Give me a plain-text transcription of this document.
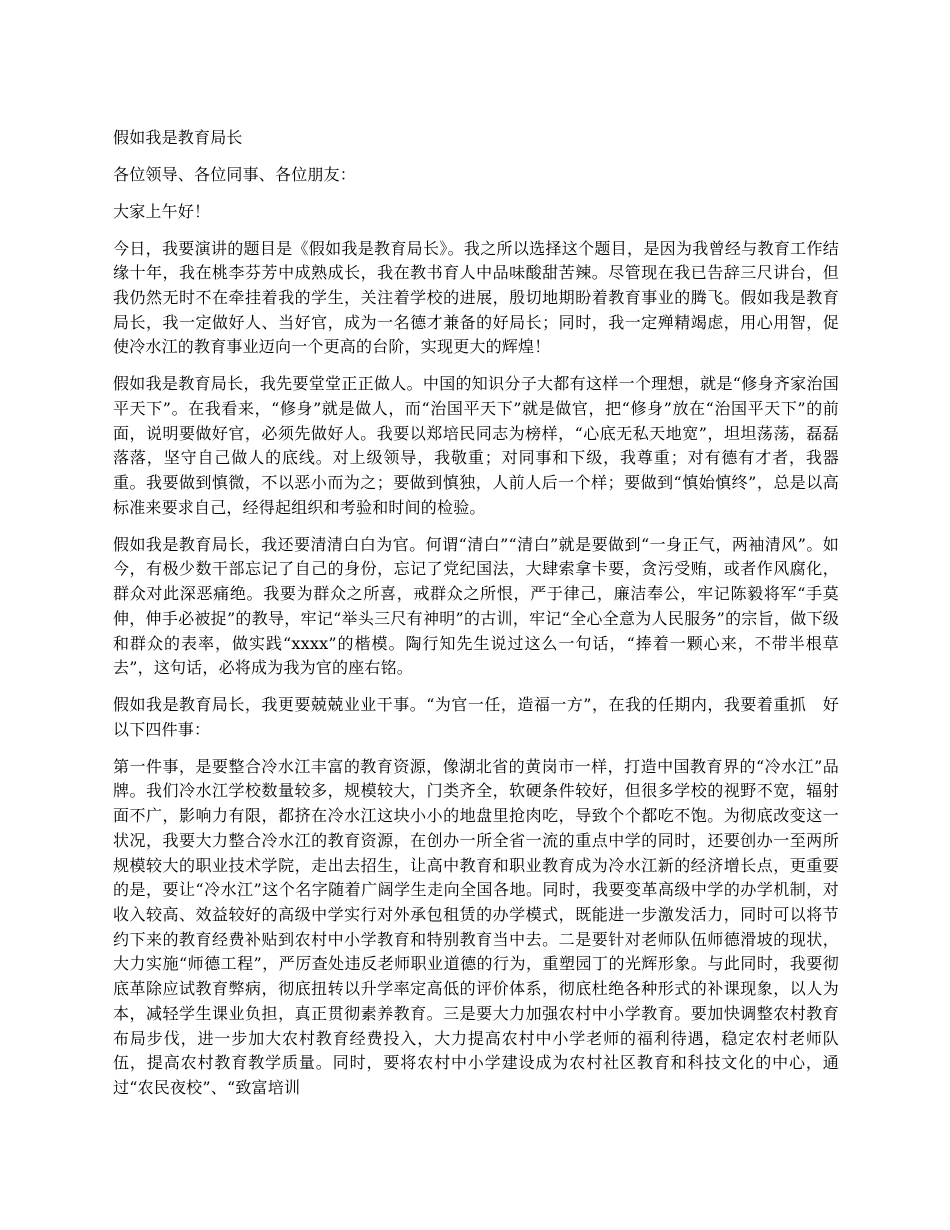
假如我是教育局长

各位领导、各位同事、各位朋友：

大家上午好！

今日，我要演讲的题目是《假如我是教育局长》。我之所以选择这个题目，是因为我曾经与教育工作结缘十年，我在桃李芬芳中成熟成长，我在教书育人中品味酸甜苦辣。尽管现在我已告辞三尺讲台，但我仍然无时不在牵挂着我的学生，关注着学校的进展，殷切地期盼着教育事业的腾飞。假如我是教育局长，我一定做好人、当好官，成为一名德才兼备的好局长；同时，我一定殚精竭虑，用心用智，促使冷水江的教育事业迈向一个更高的台阶，实现更大的辉煌！

假如我是教育局长，我先要堂堂正正做人。中国的知识分子大都有这样一个理想，就是“修身齐家治国平天下”。在我看来，“修身”就是做人，而“治国平天下”就是做官，把“修身”放在“治国平天下”的前面，说明要做好官，必须先做好人。我要以郑培民同志为榜样，“心底无私天地宽”，坦坦荡荡，磊磊落落，坚守自己做人的底线。对上级领导，我敬重；对同事和下级，我尊重；对有德有才者，我器重。我要做到慎微，不以恶小而为之；要做到慎独，人前人后一个样；要做到“慎始慎终”，总是以高标准来要求自己，经得起组织和考验和时间的检验。

假如我是教育局长，我还要清清白白为官。何谓“清白”“清白”就是要做到“一身正气，两袖清风”。如今，有极少数干部忘记了自己的身份，忘记了党纪国法，大肆索拿卡要，贪污受贿，或者作风腐化，群众对此深恶痛绝。我要为群众之所喜，戒群众之所恨，严于律己，廉洁奉公，牢记陈毅将军“手莫伸，伸手必被捉”的教导，牢记“举头三尺有神明”的古训，牢记“全心全意为人民服务”的宗旨，做下级和群众的表率，做实践“xxxx”的楷模。陶行知先生说过这么一句话，“捧着一颗心来，不带半根草去”，这句话，必将成为我为官的座右铭。

假如我是教育局长，我更要兢兢业业干事。“为官一任，造福一方”，在我的任期内，我要着重抓　好以下四件事：

第一件事，是要整合冷水江丰富的教育资源，像湖北省的黄岗市一样，打造中国教育界的“冷水江”品牌。我们冷水江学校数量较多，规模较大，门类齐全，软硬条件较好，但很多学校的视野不宽，辐射面不广，影响力有限，都挤在冷水江这块小小的地盘里抢肉吃，导致个个都吃不饱。为彻底改变这一状况，我要大力整合冷水江的教育资源，在创办一所全省一流的重点中学的同时，还要创办一至两所规模较大的职业技术学院，走出去招生，让高中教育和职业教育成为冷水江新的经济增长点，更重要的是，要让“冷水江”这个名字随着广阔学生走向全国各地。同时，我要变革高级中学的办学机制，对收入较高、效益较好的高级中学实行对外承包租赁的办学模式，既能进一步激发活力，同时可以将节约下来的教育经费补贴到农村中小学教育和特别教育当中去。二是要针对老师队伍师德滑坡的现状，大力实施“师德工程”，严厉查处违反老师职业道德的行为，重塑园丁的光辉形象。与此同时，我要彻底革除应试教育弊病，彻底扭转以升学率定高低的评价体系，彻底杜绝各种形式的补课现象，以人为本，减轻学生课业负担，真正贯彻素养教育。三是要大力加强农村中小学教育。要加快调整农村教育布局步伐，进一步加大农村教育经费投入，大力提高农村中小学老师的福利待遇，稳定农村老师队伍，提高农村教育教学质量。同时，要将农村中小学建设成为农村社区教育和科技文化的中心，通过“农民夜校”、“致富培训
